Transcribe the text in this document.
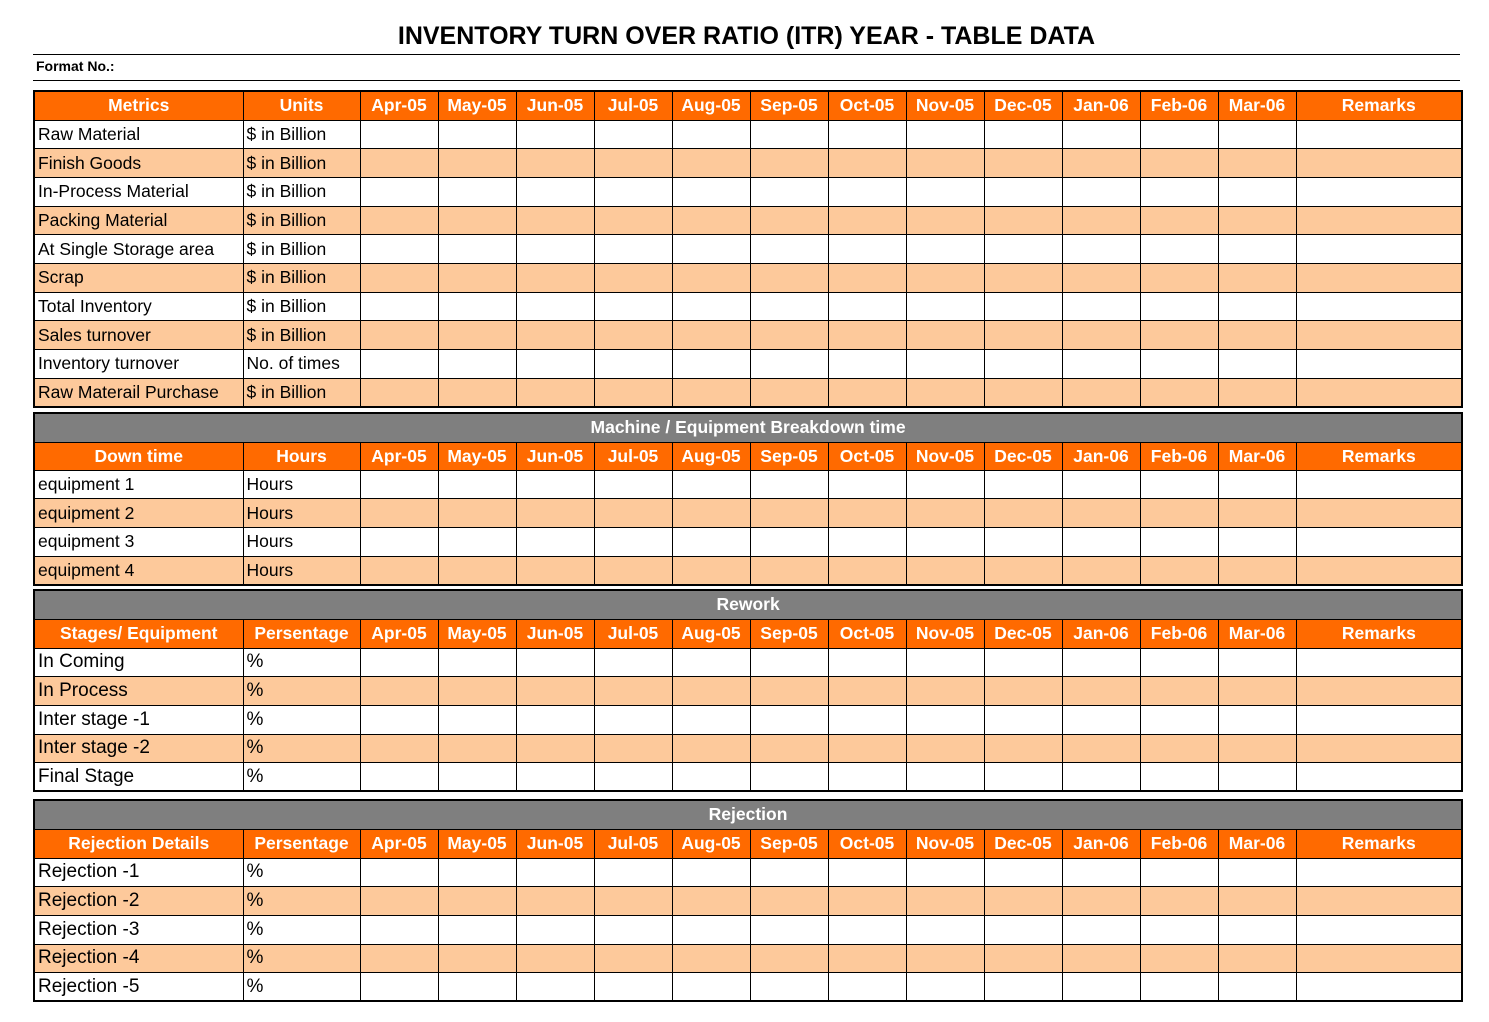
INVENTORY TURN OVER RATIO (ITR) YEAR - TABLE DATA
Format No.:
Metrics	Units	Apr-05	May-05	Jun-05	Jul-05	Aug-05	Sep-05	Oct-05	Nov-05	Dec-05	Jan-06	Feb-06	Mar-06	Remarks
Raw Material	$ in Billion													
Finish Goods	$ in Billion													
In-Process Material	$ in Billion													
Packing Material	$ in Billion													
At Single Storage area	$ in Billion													
Scrap	$ in Billion													
Total Inventory	$ in Billion													
Sales turnover	$ in Billion													
Inventory turnover	No. of times													
Raw Materail Purchase	$ in Billion													
Machine / Equipment Breakdown time														
Down time	Hours	Apr-05	May-05	Jun-05	Jul-05	Aug-05	Sep-05	Oct-05	Nov-05	Dec-05	Jan-06	Feb-06	Mar-06	Remarks
equipment 1	Hours													
equipment 2	Hours													
equipment 3	Hours													
equipment 4	Hours													
Rework														
Stages/ Equipment	Persentage	Apr-05	May-05	Jun-05	Jul-05	Aug-05	Sep-05	Oct-05	Nov-05	Dec-05	Jan-06	Feb-06	Mar-06	Remarks
In Coming	%													
In Process	%													
Inter stage -1	%													
Inter stage -2	%													
Final Stage	%													
Rejection														
Rejection Details	Persentage	Apr-05	May-05	Jun-05	Jul-05	Aug-05	Sep-05	Oct-05	Nov-05	Dec-05	Jan-06	Feb-06	Mar-06	Remarks
Rejection -1	%													
Rejection -2	%													
Rejection -3	%													
Rejection -4	%													
Rejection -5	%													
